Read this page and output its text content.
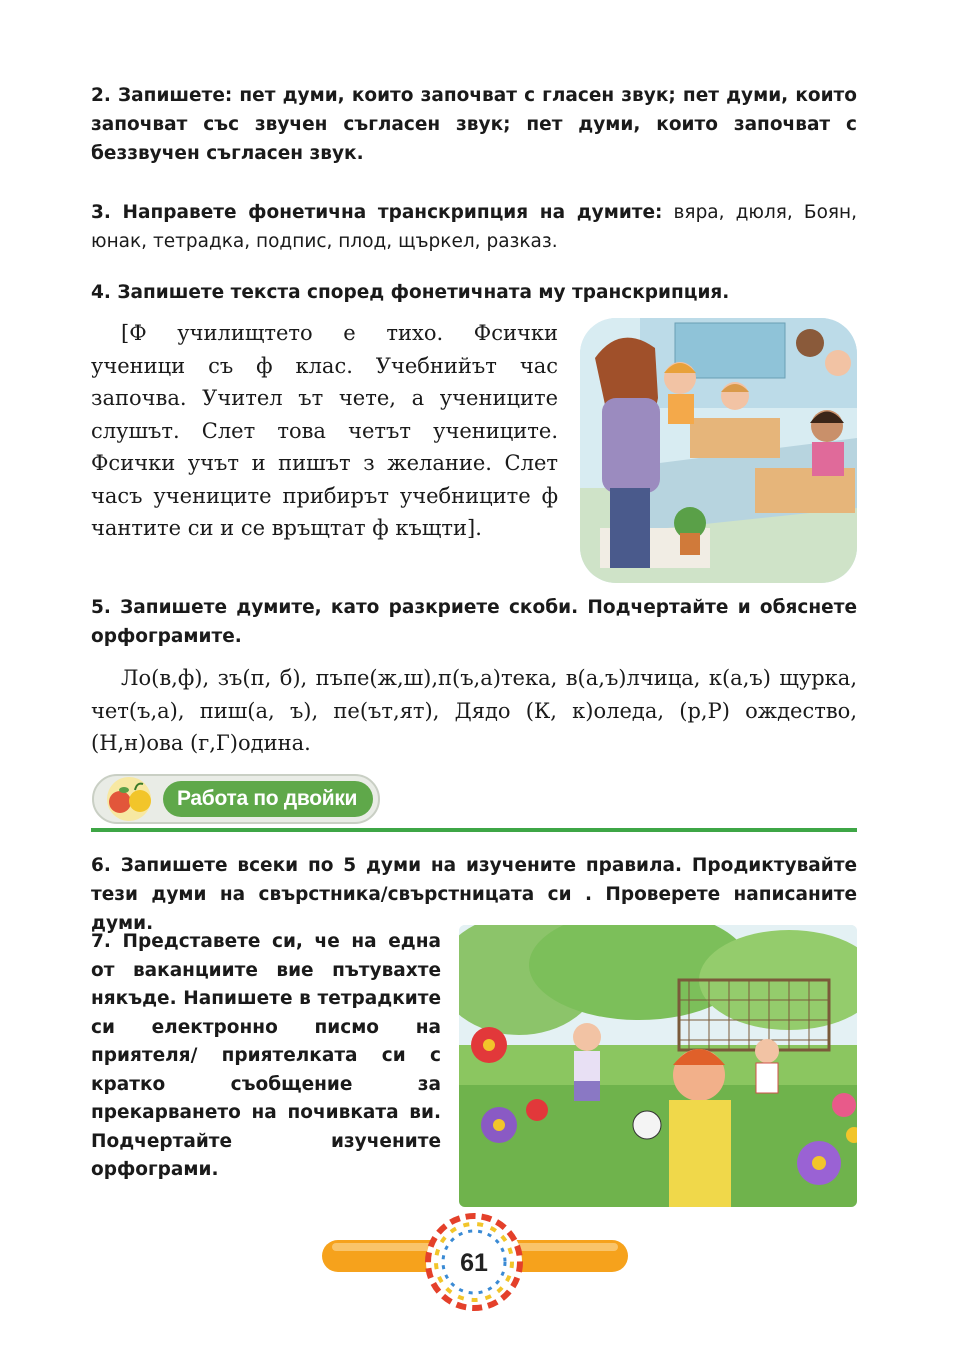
2. Запишете: пет думи, които започват с гласен звук; пет думи, които започват със звучен съгласен звук; пет думи, които започват с беззвучен съгласен звук.
3. Направете фонетична транскрипция на думите: вяра, дюля, Боян, юнак, тетрадка, подпис, плод, щъркел, разказ.
4. Запишете текста според фонетичната му транскрипция.
[Ф училищтето е тихо. Фсички ученици съ ф клас. Учебнийът час започва. Учител ът чете, а учениците слушът. Слет това четът учениците. Фсички учът и пишът з желание. Слет часъ учениците прибирът учебниците ф чантите си и се връщтат ф къщти].
5. Запишете думите, като разкриете скоби. Подчертайте и обяснете орфограмите.
Ло(в,ф), зъ(п, б), пъпе(ж,ш),п(ъ,а)тека, в(а,ъ)лчица, к(а,ъ) щурка, чет(ъ,а), пиш(а, ъ), пе(ът,ят), Дядо (К, к)оледа, (р,Р) ождество, (Н,н)ова (г,Г)одина.
Работа по двойки
6. Запишете всеки по 5 думи на изучените правила. Продиктувайте тези думи на свърстника/свърстницата си . Проверете написаните думи.
7. Представете си, че на една от ваканциите вие пътувахте някъде. Напишете в тетрадките си електронно писмо на приятеля/ приятелката си с кратко съобщение за прекарването на почивката ви. Подчертайте изучените орфограми.
61
